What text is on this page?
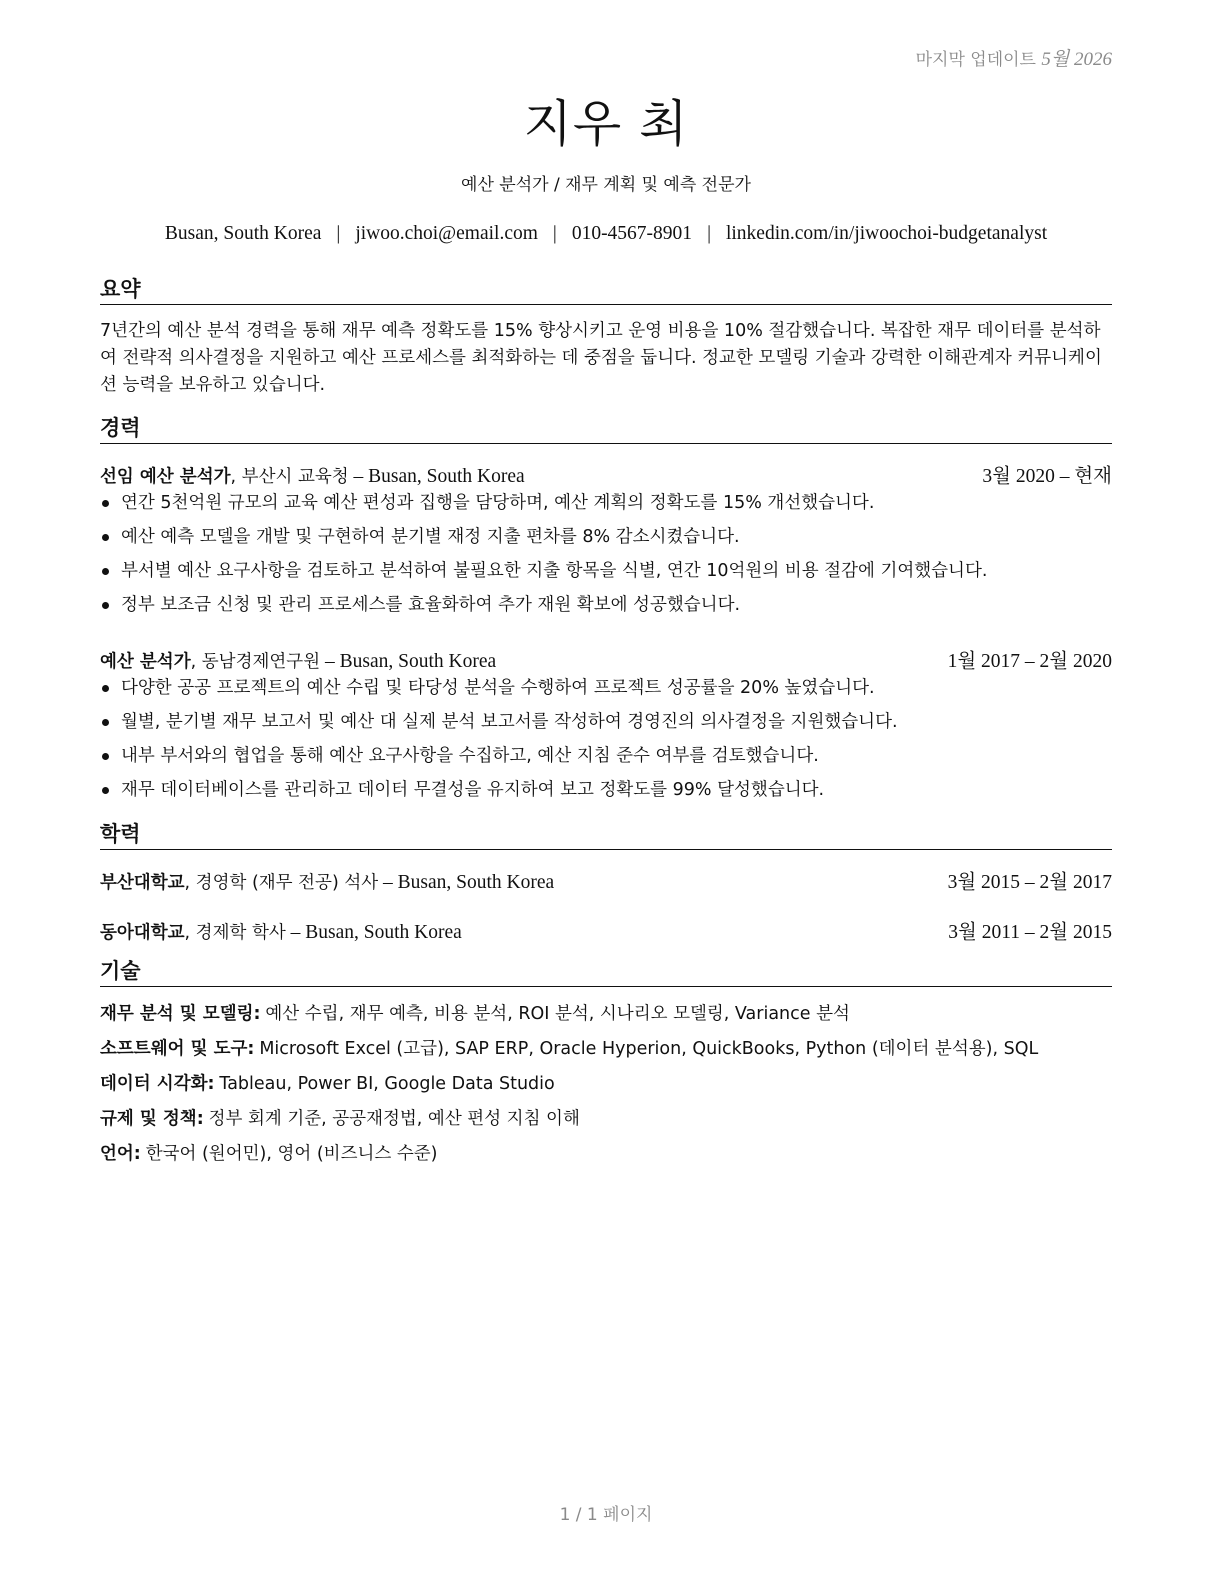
마지막 업데이트 5월 2026
지우 최
예산 분석가 / 재무 계획 및 예측 전문가
Busan, South Korea | jiwoo.choi@email.com | 010-4567-8901 | linkedin.com/in/jiwoochoi-budgetanalyst
요약
7년간의 예산 분석 경력을 통해 재무 예측 정확도를 15% 향상시키고 운영 비용을 10% 절감했습니다. 복잡한 재무 데이터를 분석하여 전략적 의사결정을 지원하고 예산 프로세스를 최적화하는 데 중점을 둡니다. 정교한 모델링 기술과 강력한 이해관계자 커뮤니케이션 능력을 보유하고 있습니다.
경력
선임 예산 분석가, 부산시 교육청 – Busan, South Korea	3월 2020 – 현재
연간 5천억원 규모의 교육 예산 편성과 집행을 담당하며, 예산 계획의 정확도를 15% 개선했습니다.
예산 예측 모델을 개발 및 구현하여 분기별 재정 지출 편차를 8% 감소시켰습니다.
부서별 예산 요구사항을 검토하고 분석하여 불필요한 지출 항목을 식별, 연간 10억원의 비용 절감에 기여했습니다.
정부 보조금 신청 및 관리 프로세스를 효율화하여 추가 재원 확보에 성공했습니다.
예산 분석가, 동남경제연구원 – Busan, South Korea	1월 2017 – 2월 2020
다양한 공공 프로젝트의 예산 수립 및 타당성 분석을 수행하여 프로젝트 성공률을 20% 높였습니다.
월별, 분기별 재무 보고서 및 예산 대 실제 분석 보고서를 작성하여 경영진의 의사결정을 지원했습니다.
내부 부서와의 협업을 통해 예산 요구사항을 수집하고, 예산 지침 준수 여부를 검토했습니다.
재무 데이터베이스를 관리하고 데이터 무결성을 유지하여 보고 정확도를 99% 달성했습니다.
학력
부산대학교, 경영학 (재무 전공) 석사 – Busan, South Korea	3월 2015 – 2월 2017
동아대학교, 경제학 학사 – Busan, South Korea	3월 2011 – 2월 2015
기술
재무 분석 및 모델링: 예산 수립, 재무 예측, 비용 분석, ROI 분석, 시나리오 모델링, Variance 분석
소프트웨어 및 도구: Microsoft Excel (고급), SAP ERP, Oracle Hyperion, QuickBooks, Python (데이터 분석용), SQL
데이터 시각화: Tableau, Power BI, Google Data Studio
규제 및 정책: 정부 회계 기준, 공공재정법, 예산 편성 지침 이해
언어: 한국어 (원어민), 영어 (비즈니스 수준)
1 / 1 페이지
